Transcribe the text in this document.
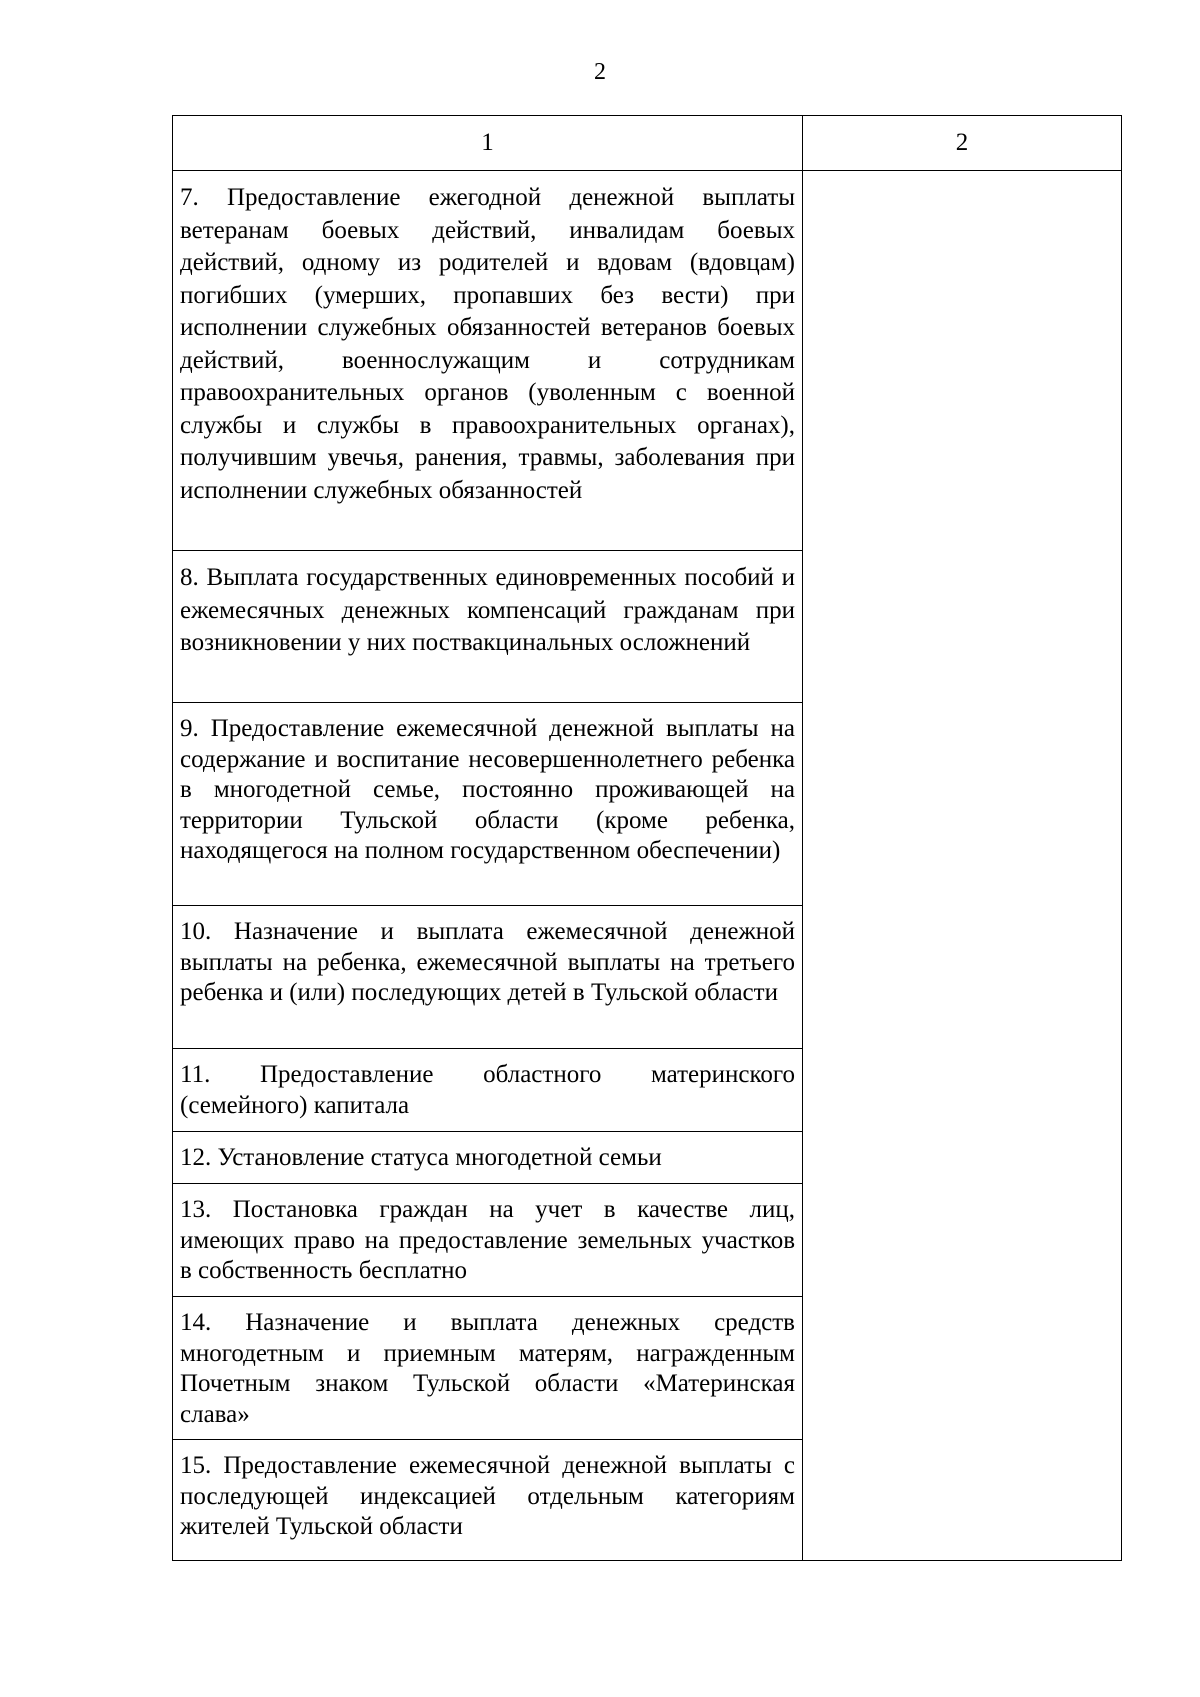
2
1	2
7. Предоставление ежегодной денежной выплаты ветеранам боевых действий, инвалидам боевых действий, одному из родителей и вдовам (вдовцам) погибших (умерших, пропавших без вести) при исполнении служебных обязанностей ветеранов боевых действий, военнослужащим и сотрудникам правоохранительных органов (уволенным с военной службы и службы в правоохранительных органах), получившим увечья, ранения, травмы, заболевания при исполнении служебных обязанностей	
8. Выплата государственных единовременных пособий и ежемесячных денежных компенсаций гражданам при возникновении у них поствакцинальных осложнений	
9. Предоставление ежемесячной денежной выплаты на содержание и воспитание несовершеннолетнего ребенка в многодетной семье, постоянно проживающей на территории Тульской области (кроме ребенка, находящегося на полном государственном обеспечении)	
10. Назначение и выплата ежемесячной денежной выплаты на ребенка, ежемесячной выплаты на третьего ребенка и (или) последующих детей в Тульской области	
11. Предоставление областного материнского (семейного) капитала	
12. Установление статуса многодетной семьи	
13. Постановка граждан на учет в качестве лиц, имеющих право на предоставление земельных участков в собственность бесплатно	
14. Назначение и выплата денежных средств многодетным и приемным матерям, награжденным Почетным знаком Тульской области «Материнская слава»	
15. Предоставление ежемесячной денежной выплаты с последующей индексацией отдельным категориям жителей Тульской области	
